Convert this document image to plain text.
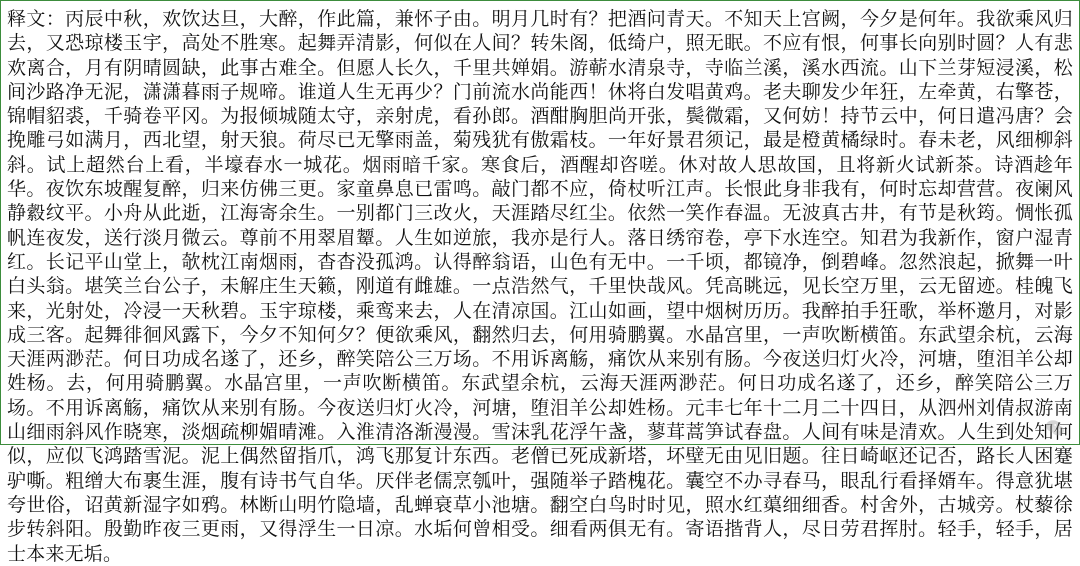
释文：丙辰中秋，欢饮达旦，大醉，作此篇，兼怀子由。明月几时有？把酒问青天。不知天上宫阙，今夕是何年。我欲乘风归去，又恐琼楼玉宇，高处不胜寒。起舞弄清影，何似在人间？转朱阁，低绮户，照无眠。不应有恨，何事长向别时圆？人有悲欢离合，月有阴晴圆缺，此事古难全。但愿人长久，千里共婵娟。游蕲水清泉寺，寺临兰溪，溪水西流。山下兰芽短浸溪，松间沙路净无泥，潇潇暮雨子规啼。谁道人生无再少？门前流水尚能西！休将白发唱黄鸡。老夫聊发少年狂，左牵黄，右擎苍，锦帽貂裘，千骑卷平冈。为报倾城随太守，亲射虎，看孙郎。酒酣胸胆尚开张，鬓微霜，又何妨！持节云中，何日遣冯唐？会挽雕弓如满月，西北望，射天狼。荷尽已无擎雨盖，菊残犹有傲霜枝。一年好景君须记，最是橙黄橘绿时。春未老，风细柳斜斜。试上超然台上看，半壕春水一城花。烟雨暗千家。寒食后，酒醒却咨嗟。休对故人思故国，且将新火试新茶。诗酒趁年华。夜饮东坡醒复醉，归来仿佛三更。家童鼻息已雷鸣。敲门都不应，倚杖听江声。长恨此身非我有，何时忘却营营。夜阑风静縠纹平。小舟从此逝，江海寄余生。一别都门三改火，天涯踏尽红尘。依然一笑作春温。无波真古井，有节是秋筠。惆怅孤帆连夜发，送行淡月微云。尊前不用翠眉颦。人生如逆旅，我亦是行人。落日绣帘卷，亭下水连空。知君为我新作，窗户湿青红。长记平山堂上，欹枕江南烟雨，杳杳没孤鸿。认得醉翁语，山色有无中。一千顷，都镜净，倒碧峰。忽然浪起，掀舞一叶白头翁。堪笑兰台公子，未解庄生天籁，刚道有雌雄。一点浩然气，千里快哉风。凭高眺远，见长空万里，云无留迹。桂魄飞来，光射处，冷浸一天秋碧。玉宇琼楼，乘鸾来去，人在清凉国。江山如画，望中烟树历历。我醉拍手狂歌，举杯邀月，对影成三客。起舞徘徊风露下，今夕不知何夕？便欲乘风，翻然归去，何用骑鹏翼。水晶宫里，一声吹断横笛。东武望余杭，云海天涯两渺茫。何日功成名遂了，还乡，醉笑陪公三万场。不用诉离觞，痛饮从来别有肠。今夜送归灯火冷，河塘，堕泪羊公却姓杨。去，何用骑鹏翼。水晶宫里，一声吹断横笛。东武望余杭，云海天涯两渺茫。何日功成名遂了，还乡，醉笑陪公三万场。不用诉离觞，痛饮从来别有肠。今夜送归灯火冷，河塘，堕泪羊公却姓杨。元丰七年十二月二十四日，从泗州刘倩叔游南山细雨斜风作晓寒，淡烟疏柳媚晴滩。入淮清洛渐漫漫。雪沫乳花浮午盏，蓼茸蒿笋试春盘。人间有味是清欢。人生到处知何似，应似飞鸿踏雪泥。泥上偶然留指爪，鸿飞那复计东西。老僧已死成新塔，坏壁无由见旧题。往日崎岖还记否，路长人困蹇驴嘶。粗缯大布裹生涯，腹有诗书气自华。厌伴老儒烹瓠叶，强随举子踏槐花。囊空不办寻春马，眼乱行看择婿车。得意犹堪夸世俗，诏黄新湿字如鸦。林断山明竹隐墙，乱蝉衰草小池塘。翻空白鸟时时见，照水红蕖细细香。村舍外，古城旁。杖藜徐步转斜阳。殷勤昨夜三更雨，又得浮生一日凉。水垢何曾相受。细看两俱无有。寄语揩背人，尽日劳君挥肘。轻手，轻手，居士本来无垢。
